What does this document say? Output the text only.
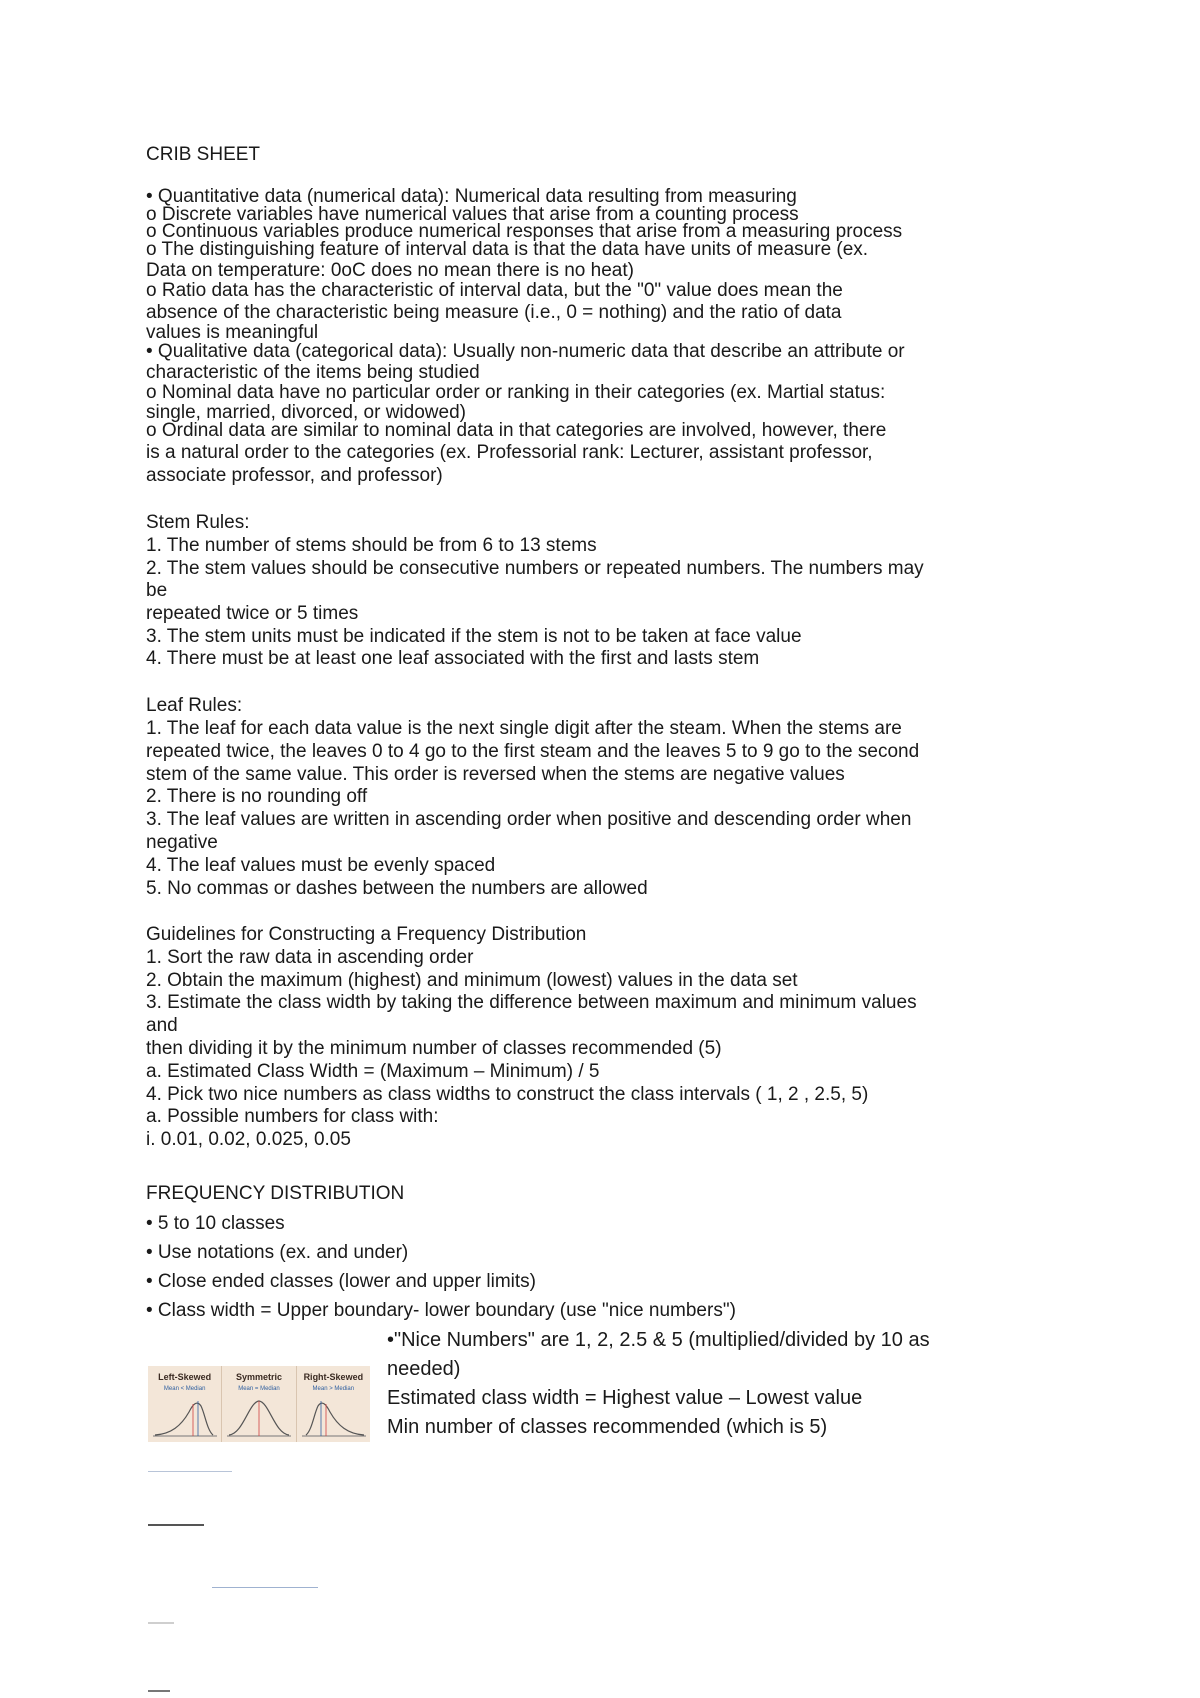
CRIB SHEET

• Quantitative data (numerical data): Numerical data resulting from measuring

o Discrete variables have numerical values that arise from a counting process

o Continuous variables produce numerical responses that arise from a measuring process

o The distinguishing feature of interval data is that the data have units of measure (ex.

Data on temperature: 0oC does no mean there is no heat)

o Ratio data has the characteristic of interval data, but the "0" value does mean the

absence of the characteristic being measure (i.e., 0 = nothing) and the ratio of data

values is meaningful

• Qualitative data (categorical data): Usually non-numeric data that describe an attribute or

characteristic of the items being studied

o Nominal data have no particular order or ranking in their categories (ex. Martial status:

single, married, divorced, or widowed)

o Ordinal data are similar to nominal data in that categories are involved, however, there

is a natural order to the categories (ex. Professorial rank: Lecturer, assistant professor,

associate professor, and professor)

Stem Rules:

1. The number of stems should be from 6 to 13 stems

2. The stem values should be consecutive numbers or repeated numbers. The numbers may

be

repeated twice or 5 times

3. The stem units must be indicated if the stem is not to be taken at face value

4. There must be at least one leaf associated with the first and lasts stem

Leaf Rules:

1. The leaf for each data value is the next single digit after the steam. When the stems are

repeated twice, the leaves 0 to 4 go to the first steam and the leaves 5 to 9 go to the second

stem of the same value. This order is reversed when the stems are negative values

2. There is no rounding off

3. The leaf values are written in ascending order when positive and descending order when

negative

4. The leaf values must be evenly spaced

5. No commas or dashes between the numbers are allowed

Guidelines for Constructing a Frequency Distribution

1. Sort the raw data in ascending order

2. Obtain the maximum (highest) and minimum (lowest) values in the data set

3. Estimate the class width by taking the difference between maximum and minimum values

and

then dividing it by the minimum number of classes recommended (5)

a. Estimated Class Width = (Maximum – Minimum) / 5

4. Pick two nice numbers as class widths to construct the class intervals ( 1, 2 , 2.5, 5)

a. Possible numbers for class with:

i. 0.01, 0.02, 0.025, 0.05

FREQUENCY DISTRIBUTION

• 5 to 10 classes

• Use notations (ex. and under)

• Close ended classes (lower and upper limits)

• Class width = Upper boundary- lower boundary (use "nice numbers")

•"Nice Numbers" are 1, 2, 2.5 & 5 (multiplied/divided by 10 as

needed)

Estimated class width = Highest value – Lowest value

Min number of classes recommended (which is 5)

Left-Skewed
Mean < Median
Symmetric
Mean = Median
Right-Skewed
Mean > Median
